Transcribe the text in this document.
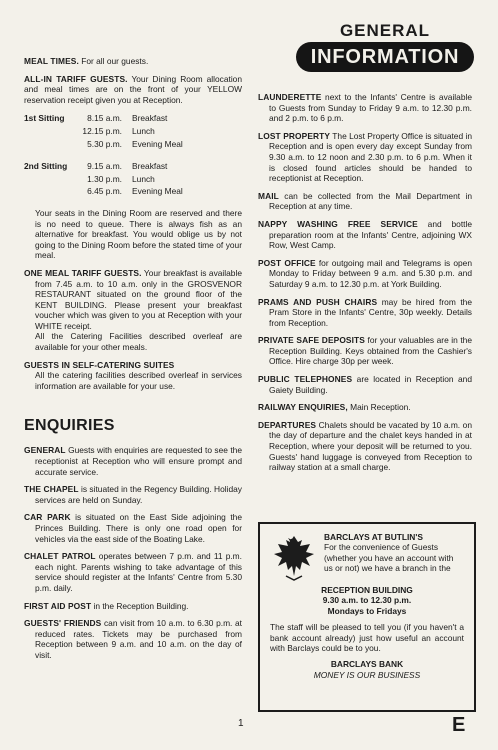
GENERAL
INFORMATION

MEAL TIMES. For all our guests.

ALL-IN TARIFF GUESTS. Your Dining Room allocation and meal times are on the front of your YELLOW reservation receipt given you at Reception.

1st Sitting	8.15 a.m.	Breakfast
12.15 p.m.	Lunch
5.30 p.m.	Evening Meal
2nd Sitting	9.15 a.m.	Breakfast
1.30 p.m.	Lunch
6.45 p.m.	Evening Meal

Your seats in the Dining Room are reserved and there is no need to queue. There is always fish as an alternative for breakfast. You would oblige us by not going to the Dining Room before the stated time of your meal.

ONE MEAL TARIFF GUESTS. Your breakfast is available from 7.45 a.m. to 10 a.m. only in the GROSVENOR RESTAURANT situated on the ground floor of the KENT BUILDING. Please present your breakfast voucher which was given to you at Reception with your WHITE receipt.

All the Catering Facilities described overleaf are available for your other meals.

GUESTS IN SELF-CATERING SUITES

All the catering facilities described overleaf in services information are available for your use.

ENQUIRIES

GENERAL Guests with enquiries are requested to see the receptionist at Reception who will ensure prompt and accurate service.

THE CHAPEL is situated in the Regency Building. Holiday services are held on Sunday.

CAR PARK is situated on the East Side adjoining the Princes Building. There is only one road open for vehicles via the east side of the Boating Lake.

CHALET PATROL operates between 7 p.m. and 11 p.m. each night. Parents wishing to take advantage of this service should register at the Infants' Centre from 5.30 p.m. daily.

FIRST AID POST in the Reception Building.

GUESTS' FRIENDS can visit from 10 a.m. to 6.30 p.m. at reduced rates. Tickets may be purchased from Reception between 9 a.m. and 10 a.m. on the day of visit.

LAUNDERETTE next to the Infants' Centre is available to Guests from Sunday to Friday 9 a.m. to 12.30 p.m. and 2 p.m. to 6 p.m.

LOST PROPERTY The Lost Property Office is situated in Reception and is open every day except Sunday from 9.30 a.m. to 12 noon and 2.30 p.m. to 6 p.m. When it is closed found articles should be handed to receptionist at Reception.

MAIL can be collected from the Mail Department in Reception at any time.

NAPPY WASHING FREE SERVICE and bottle preparation room at the Infants' Centre, adjoining WX Row, West Camp.

POST OFFICE for outgoing mail and Telegrams is open Monday to Friday between 9 a.m. and 5.30 p.m. and Saturday 9 a.m. to 12.30 p.m. at York Building.

PRAMS AND PUSH CHAIRS may be hired from the Pram Store in the Infants' Centre, 30p weekly. Details from Reception.

PRIVATE SAFE DEPOSITS for your valuables are in the Reception Building. Keys obtained from the Cashier's Office. Hire charge 30p per week.

PUBLIC TELEPHONES are located in Reception and Gaiety Building.

RAILWAY ENQUIRIES, Main Reception.

DEPARTURES Chalets should be vacated by 10 a.m. on the day of departure and the chalet keys handed in at Reception, where your deposit will be returned to you. Guests' hand luggage is conveyed from Reception to railway station at a small charge.

BARCLAYS AT BUTLIN'S
For the convenience of Guests (whether you have an account with us or not) we have a branch in the
RECEPTION BUILDING
9.30 a.m. to 12.30 p.m.
Mondays to Fridays
The staff will be pleased to tell you (if you haven't a bank account already) just how useful an account with Barclays could be to you.
BARCLAYS BANK
MONEY IS OUR BUSINESS
1	E
